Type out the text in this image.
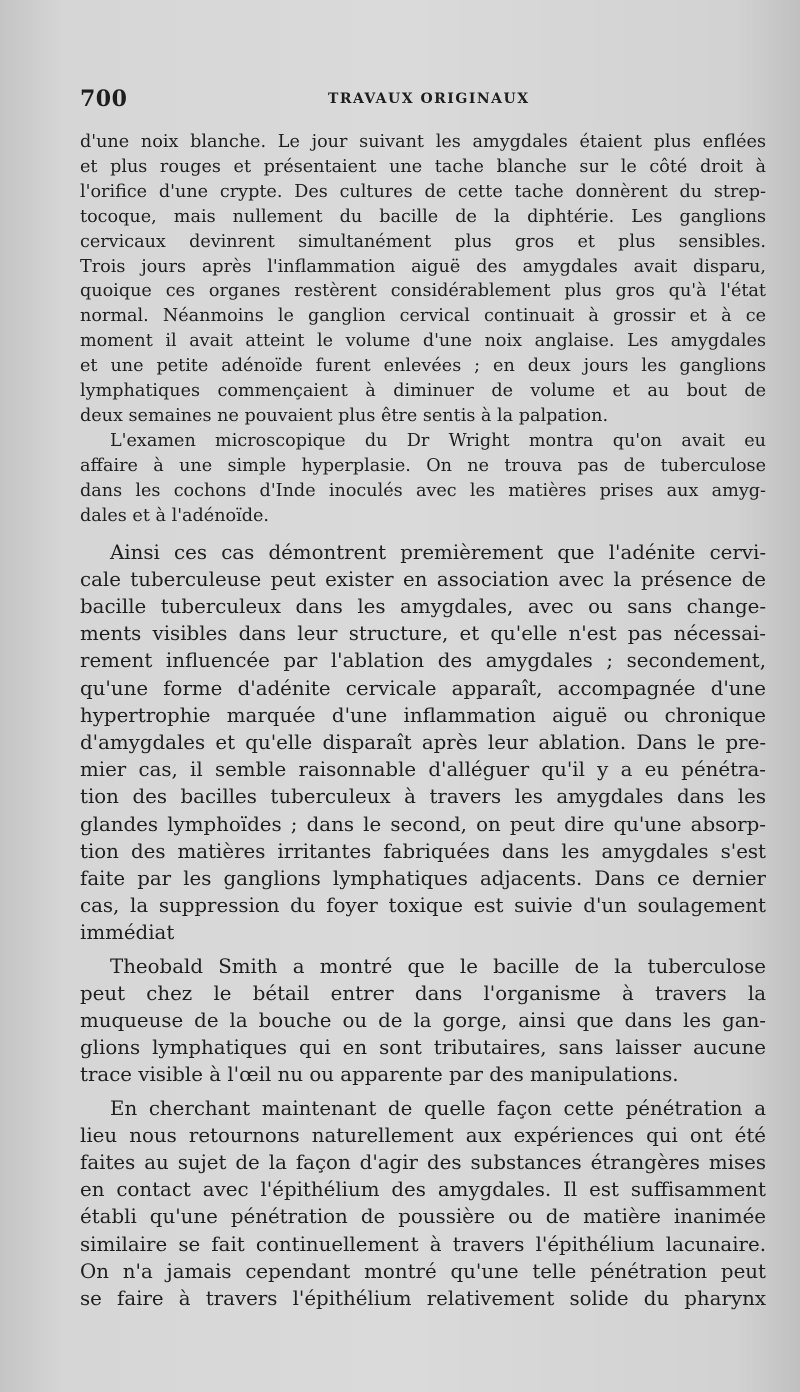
700	TRAVAUX ORIGINAUX
d'une noix blanche. Le jour suivant les amygdales étaient plus enflées
et plus rouges et présentaient une tache blanche sur le côté droit à
l'orifice d'une crypte. Des cultures de cette tache donnèrent du strep-
tocoque, mais nullement du bacille de la diphtérie. Les ganglions
cervicaux devinrent simultanément plus gros et plus sensibles.
Trois jours après l'inflammation aiguë des amygdales avait disparu,
quoique ces organes restèrent considérablement plus gros qu'à l'état
normal. Néanmoins le ganglion cervical continuait à grossir et à ce
moment il avait atteint le volume d'une noix anglaise. Les amygdales
et une petite adénoïde furent enlevées ; en deux jours les ganglions
lymphatiques commençaient à diminuer de volume et au bout de
deux semaines ne pouvaient plus être sentis à la palpation.
L'examen microscopique du Dr Wright montra qu'on avait eu
affaire à une simple hyperplasie. On ne trouva pas de tuberculose
dans les cochons d'Inde inoculés avec les matières prises aux amyg-
dales et à l'adénoïde.
Ainsi ces cas démontrent premièrement que l'adénite cervi-
cale tuberculeuse peut exister en association avec la présence de
bacille tuberculeux dans les amygdales, avec ou sans change-
ments visibles dans leur structure, et qu'elle n'est pas nécessai-
rement influencée par l'ablation des amygdales ; secondement,
qu'une forme d'adénite cervicale apparaît, accompagnée d'une
hypertrophie marquée d'une inflammation aiguë ou chronique
d'amygdales et qu'elle disparaît après leur ablation. Dans le pre-
mier cas, il semble raisonnable d'alléguer qu'il y a eu pénétra-
tion des bacilles tuberculeux à travers les amygdales dans les
glandes lymphoïdes ; dans le second, on peut dire qu'une absorp-
tion des matières irritantes fabriquées dans les amygdales s'est
faite par les ganglions lymphatiques adjacents. Dans ce dernier
cas, la suppression du foyer toxique est suivie d'un soulagement
immédiat
Theobald Smith a montré que le bacille de la tuberculose
peut chez le bétail entrer dans l'organisme à travers la
muqueuse de la bouche ou de la gorge, ainsi que dans les gan-
glions lymphatiques qui en sont tributaires, sans laisser aucune
trace visible à l'œil nu ou apparente par des manipulations.
En cherchant maintenant de quelle façon cette pénétration a
lieu nous retournons naturellement aux expériences qui ont été
faites au sujet de la façon d'agir des substances étrangères mises
en contact avec l'épithélium des amygdales. Il est suffisamment
établi qu'une pénétration de poussière ou de matière inanimée
similaire se fait continuellement à travers l'épithélium lacunaire.
On n'a jamais cependant montré qu'une telle pénétration peut
se faire à travers l'épithélium relativement solide du pharynx
